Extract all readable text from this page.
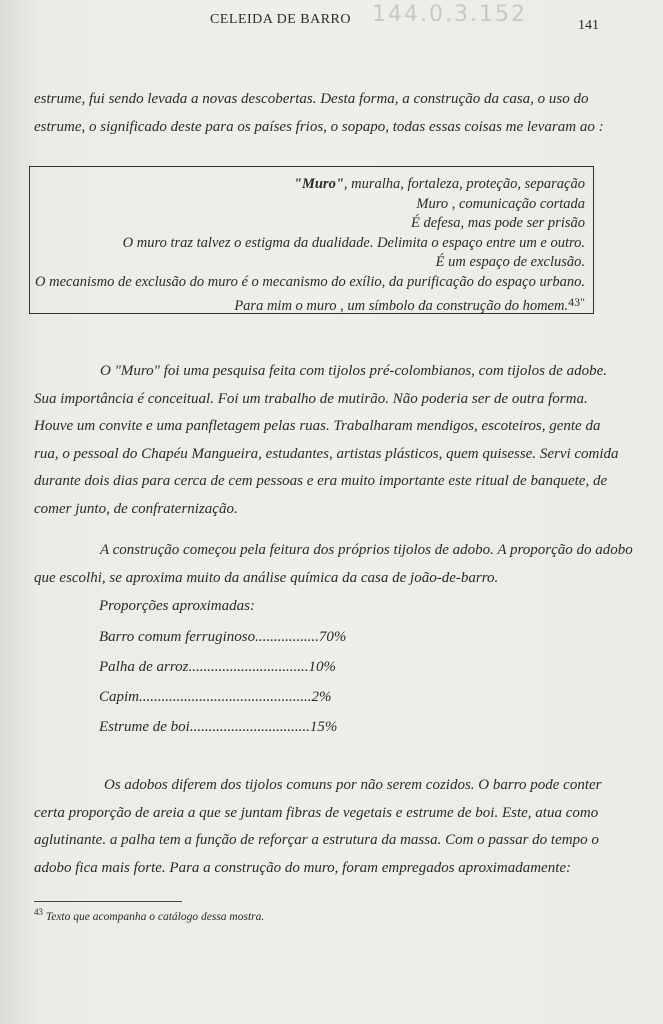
CELEIDA DE BARRO 144.0.3.152	141
estrume, fui sendo levada a novas descobertas. Desta forma, a construção da casa, o uso do
estrume, o significado deste para os países frios, o sopapo, todas essas coisas me levaram ao :
"Muro", muralha, fortaleza, proteção, separação
Muro , comunicação cortada
É defesa, mas pode ser prisão
O muro traz talvez o estigma da dualidade. Delimita o espaço entre um e outro.
É um espaço de exclusão.
O mecanismo de exclusão do muro é o mecanismo do exílio, da purificação do espaço urbano.
Para mim o muro , um símbolo da construção do homem.$^{43"}$
O "Muro" foi uma pesquisa feita com tijolos pré-colombianos, com tijolos de adobe.
Sua importância é conceitual. Foi um trabalho de mutirão. Não poderia ser de outra forma.
Houve um convite e uma panfletagem pelas ruas. Trabalharam mendigos, escoteiros, gente da
rua, o pessoal do Chapéu Mangueira, estudantes, artistas plásticos, quem quisesse. Servi comida
durante dois dias para cerca de cem pessoas e era muito importante este ritual de banquete, de
comer junto, de confraternização.
A construção começou pela feitura dos próprios tijolos de adobo. A proporção do adobo
que escolhi, se aproxima muito da análise química da casa de joão-de-barro.
Proporções aproximadas:
Barro comum ferruginoso.................70%
Palha de arroz................................10%
Capim..............................................2%
Estrume de boi................................15%
Os adobos diferem dos tijolos comuns por não serem cozidos. O barro pode conter
certa proporção de areia a que se juntam fibras de vegetais e estrume de boi. Este, atua como
aglutinante. a palha tem a função de reforçar a estrutura da massa. Com o passar do tempo o
adobo fica mais forte. Para a construção do muro, foram empregados aproximadamente:
$^{43}$ Texto que acompanha o catálogo dessa mostra.
